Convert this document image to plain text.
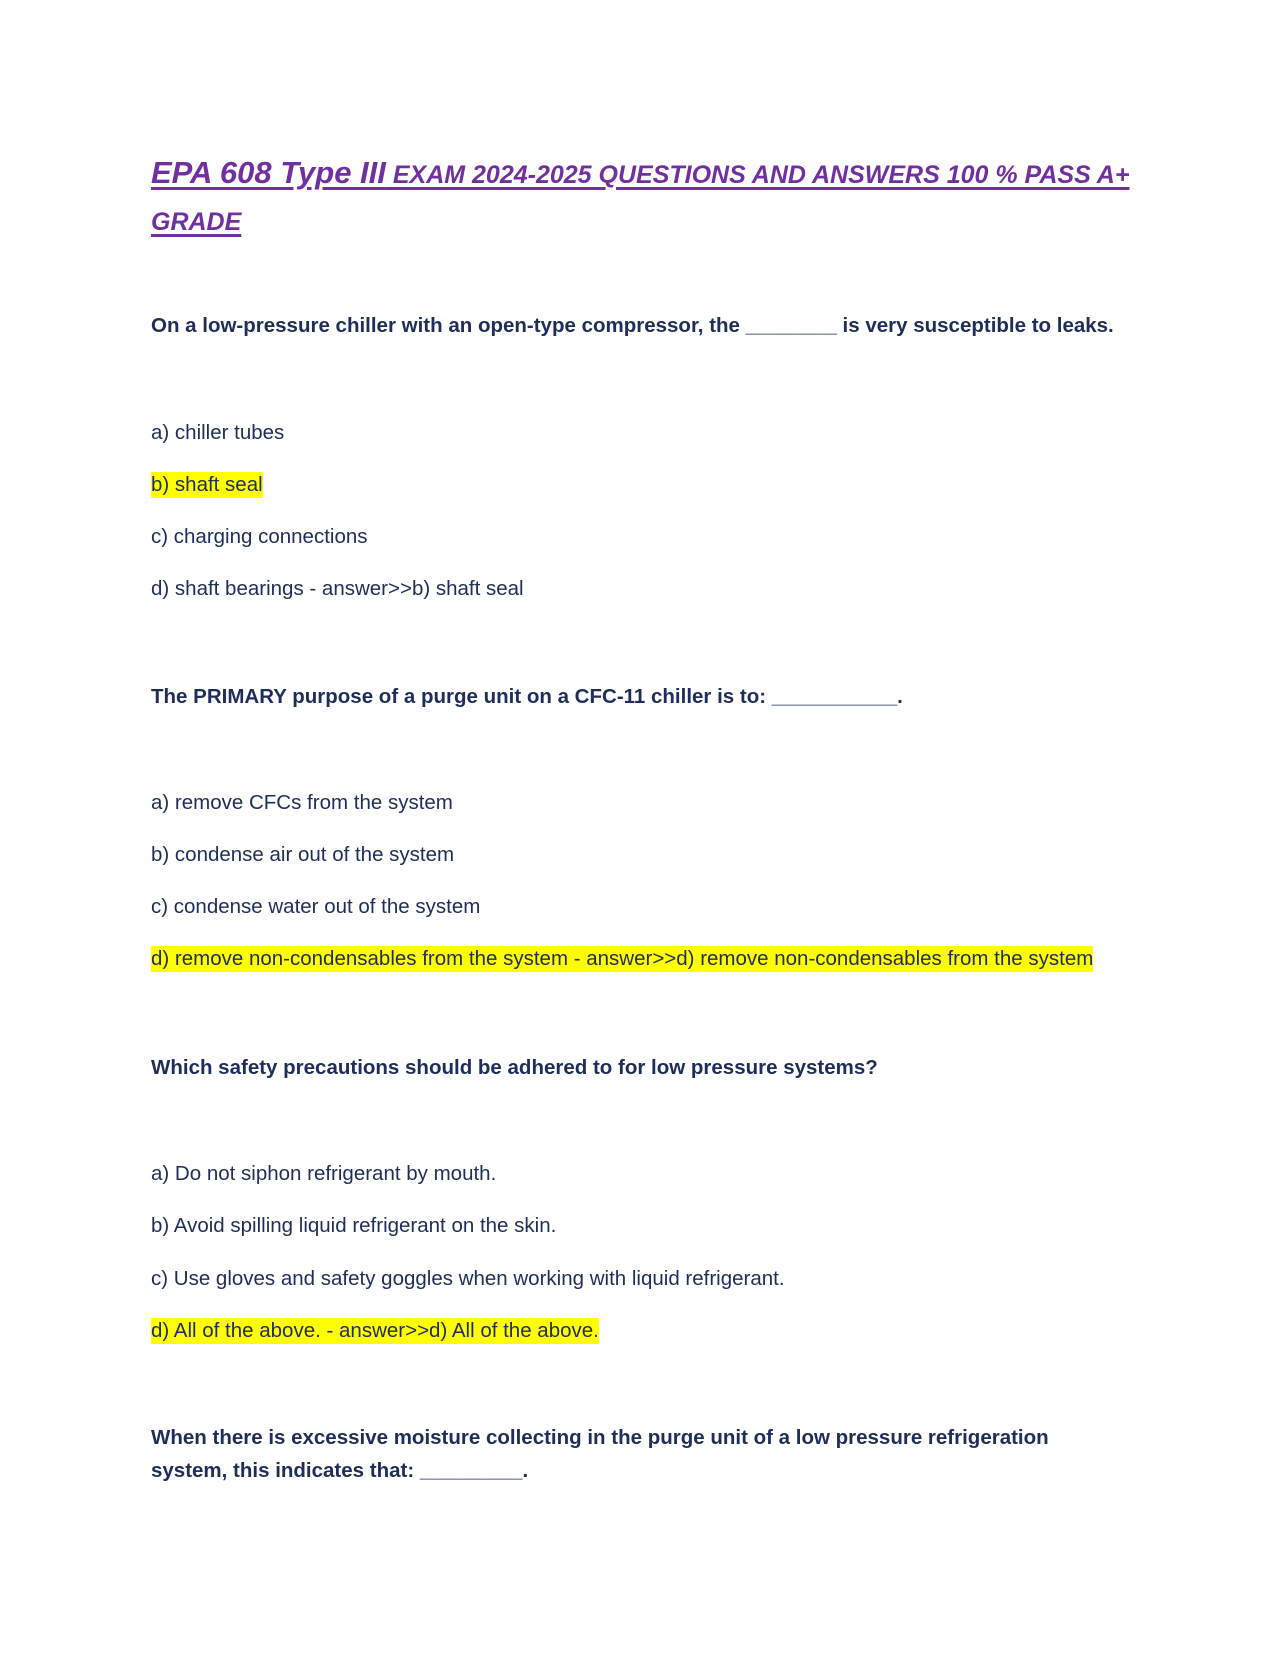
EPA 608 Type III EXAM 2024-2025 QUESTIONS AND ANSWERS 100 % PASS A+ GRADE

On a low-pressure chiller with an open-type compressor, the ________ is very susceptible to leaks.

a) chiller tubes

b) shaft seal

c) charging connections

d) shaft bearings - answer>>b) shaft seal

The PRIMARY purpose of a purge unit on a CFC-11 chiller is to: ___________.

a) remove CFCs from the system

b) condense air out of the system

c) condense water out of the system

d) remove non-condensables from the system - answer>>d) remove non-condensables from the system

Which safety precautions should be adhered to for low pressure systems?

a) Do not siphon refrigerant by mouth.

b) Avoid spilling liquid refrigerant on the skin.

c) Use gloves and safety goggles when working with liquid refrigerant.

d) All of the above. - answer>>d) All of the above.

When there is excessive moisture collecting in the purge unit of a low pressure refrigeration system, this indicates that: _________.
